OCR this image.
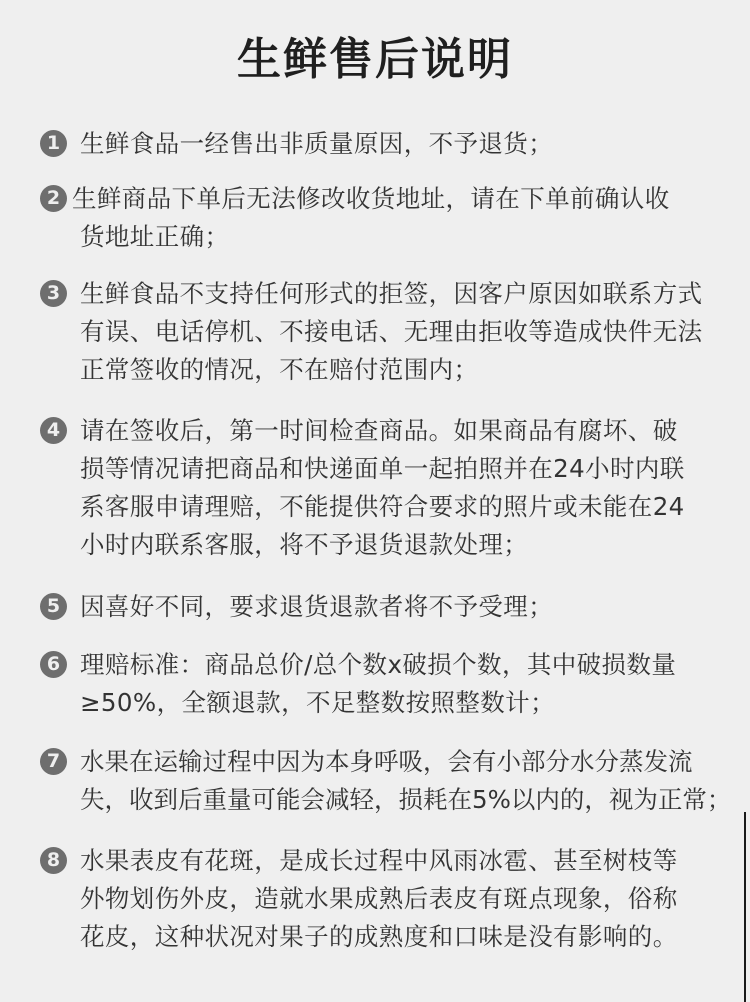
生鲜售后说明
1 生鲜食品一经售出非质量原因，不予退货；
2 生鲜商品下单后无法修改收货地址，请在下单前确认收
货地址正确；
3 生鲜食品不支持任何形式的拒签，因客户原因如联系方式
有误、电话停机、不接电话、无理由拒收等造成快件无法
正常签收的情况，不在赔付范围内；
4 请在签收后，第一时间检查商品。如果商品有腐坏、破
损等情况请把商品和快递面单一起拍照并在24小时内联
系客服申请理赔，不能提供符合要求的照片或未能在24
小时内联系客服，将不予退货退款处理；
5 因喜好不同，要求退货退款者将不予受理；
6 理赔标准：商品总价/总个数x破损个数，其中破损数量
≥50%，全额退款，不足整数按照整数计；
7 水果在运输过程中因为本身呼吸，会有小部分水分蒸发流
失，收到后重量可能会减轻，损耗在5%以内的，视为正常；
8 水果表皮有花斑，是成长过程中风雨冰雹、甚至树枝等
外物划伤外皮，造就水果成熟后表皮有斑点现象，俗称
花皮，这种状况对果子的成熟度和口味是没有影响的。
